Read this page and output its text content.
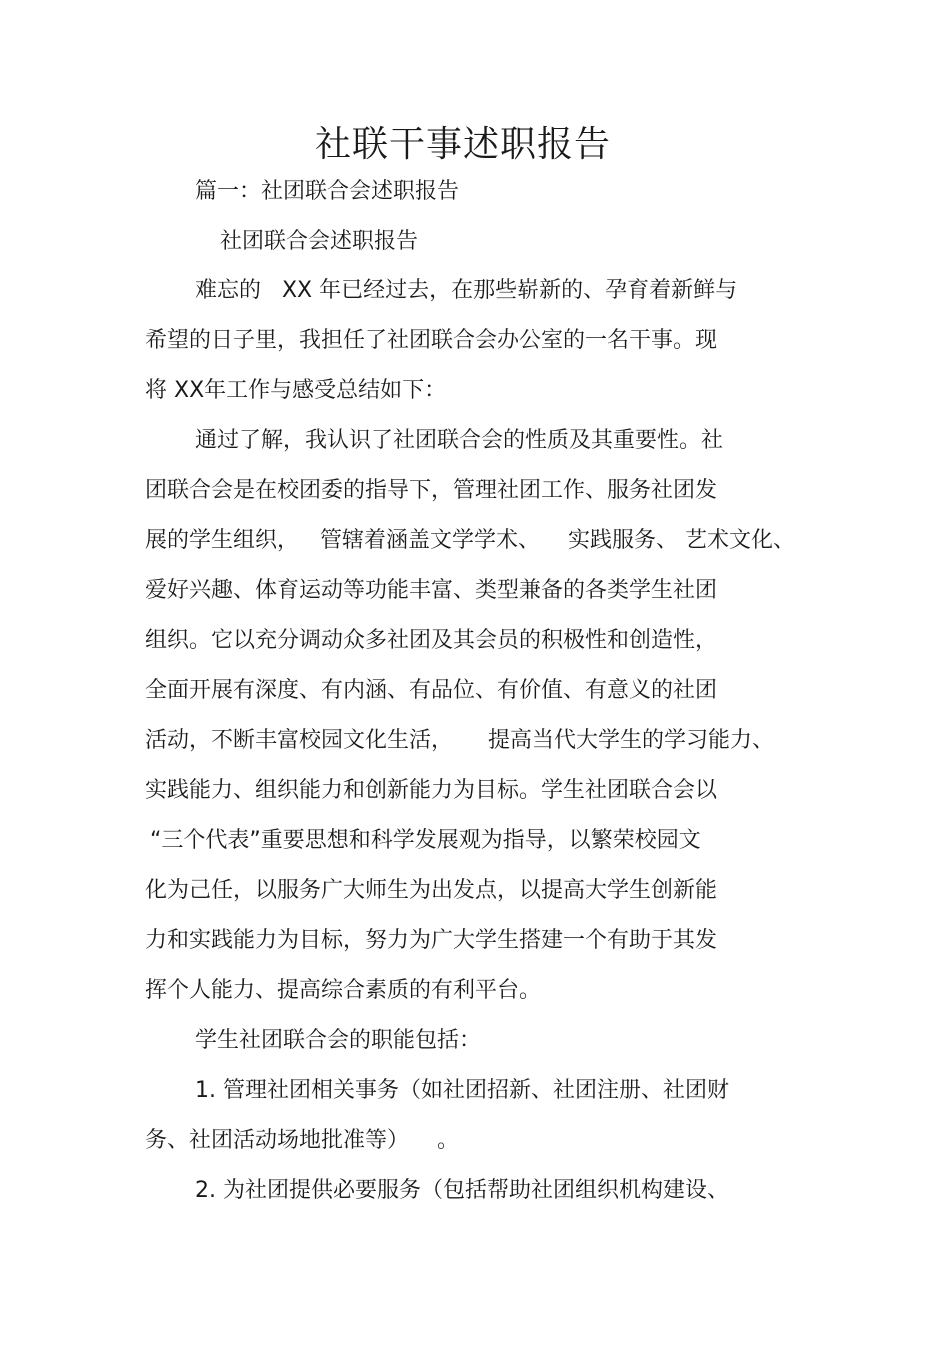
社联干事述职报告
篇一：社团联合会述职报告
社团联合会述职报告
难忘的   XX 年已经过去，在那些崭新的、孕育着新鲜与
希望的日子里，我担任了社团联合会办公室的一名干事。现
将 XX年工作与感受总结如下：
通过了解，我认识了社团联合会的性质及其重要性。社
团联合会是在校团委的指导下，管理社团工作、服务社团发
展的学生组织，   管辖着涵盖文学学术、    实践服务、 艺术文化、
爱好兴趣、体育运动等功能丰富、类型兼备的各类学生社团
组织。它以充分调动众多社团及其会员的积极性和创造性，
全面开展有深度、有内涵、有品位、有价值、有意义的社团
活动，不断丰富校园文化生活，     提高当代大学生的学习能力、
实践能力、组织能力和创新能力为目标。学生社团联合会以
“三个代表”重要思想和科学发展观为指导，以繁荣校园文
化为己任，以服务广大师生为出发点，以提高大学生创新能
力和实践能力为目标，努力为广大学生搭建一个有助于其发
挥个人能力、提高综合素质的有利平台。
学生社团联合会的职能包括：
1. 管理社团相关事务（如社团招新、社团注册、社团财
务、社团活动场地批准等）    。
2. 为社团提供必要服务（包括帮助社团组织机构建设、
